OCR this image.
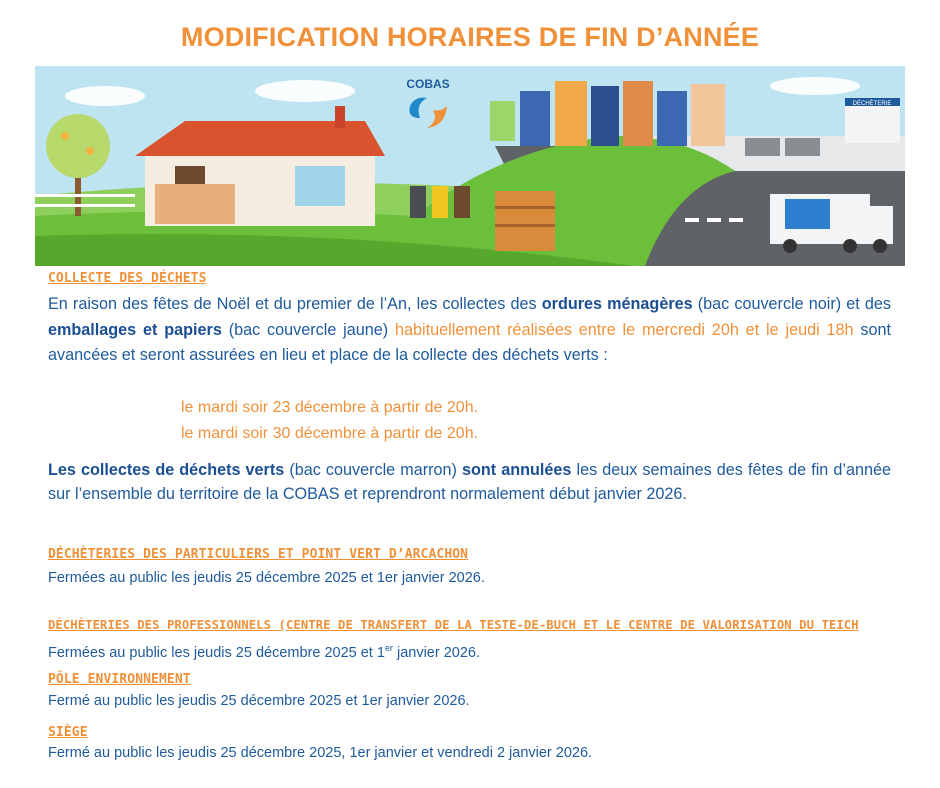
MODIFICATION HORAIRES DE FIN D’ANNÉE
DÉCHÈTERIE
COBAS
COLLECTE DES DÉCHETS
En raison des fêtes de Noël et du premier de l’An, les collectes des ordures ménagères (bac couvercle noir) et des emballages et papiers (bac couvercle jaune) habituellement réalisées entre le mercredi 20h et le jeudi 18h sont avancées et seront assurées en lieu et place de la collecte des déchets verts :
le mardi soir 23 décembre à partir de 20h.
le mardi soir 30 décembre à partir de 20h.
Les collectes de déchets verts (bac couvercle marron) sont annulées les deux semaines des fêtes de fin d’année sur l’ensemble du territoire de la COBAS et reprendront normalement début janvier 2026.
DÉCHÈTERIES DES PARTICULIERS ET POINT VERT D’ARCACHON
Fermées au public les jeudis 25 décembre 2025 et 1er janvier 2026.
DÉCHÈTERIES DES PROFESSIONNELS (CENTRE DE TRANSFERT DE LA TESTE-DE-BUCH ET LE CENTRE DE VALORISATION DU TEICH
Fermées au public les jeudis 25 décembre 2025 et 1er janvier 2026.
PÔLE ENVIRONNEMENT
Fermé au public les jeudis 25 décembre 2025 et 1er janvier 2026.
SIÈGE
Fermé au public les jeudis 25 décembre 2025, 1er janvier et vendredi 2 janvier 2026.
